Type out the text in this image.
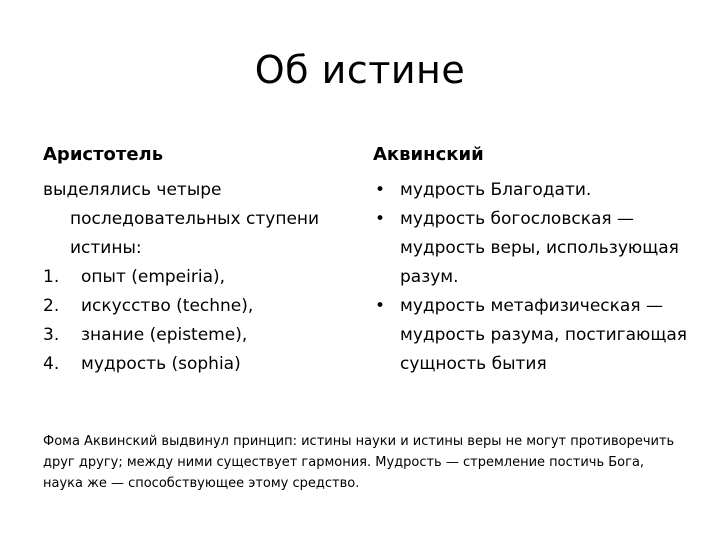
Об истине
Аристотель
выделялись четыре последовательных ступени истины:
1. опыт (empeiria),
2. искусство (techne),
3. знание (episteme),
4. мудрость (sophia)
Аквинский
• мудрость Благодати.
• мудрость богословская — мудрость веры, использующая разум.
• мудрость метафизическая — мудрость разума, постигающая сущность бытия
Фома Аквинский выдвинул принцип: истины науки и истины веры не могут противоречить друг другу; между ними существует гармония. Мудрость — стремление постичь Бога, наука же — способствующее этому средство.
